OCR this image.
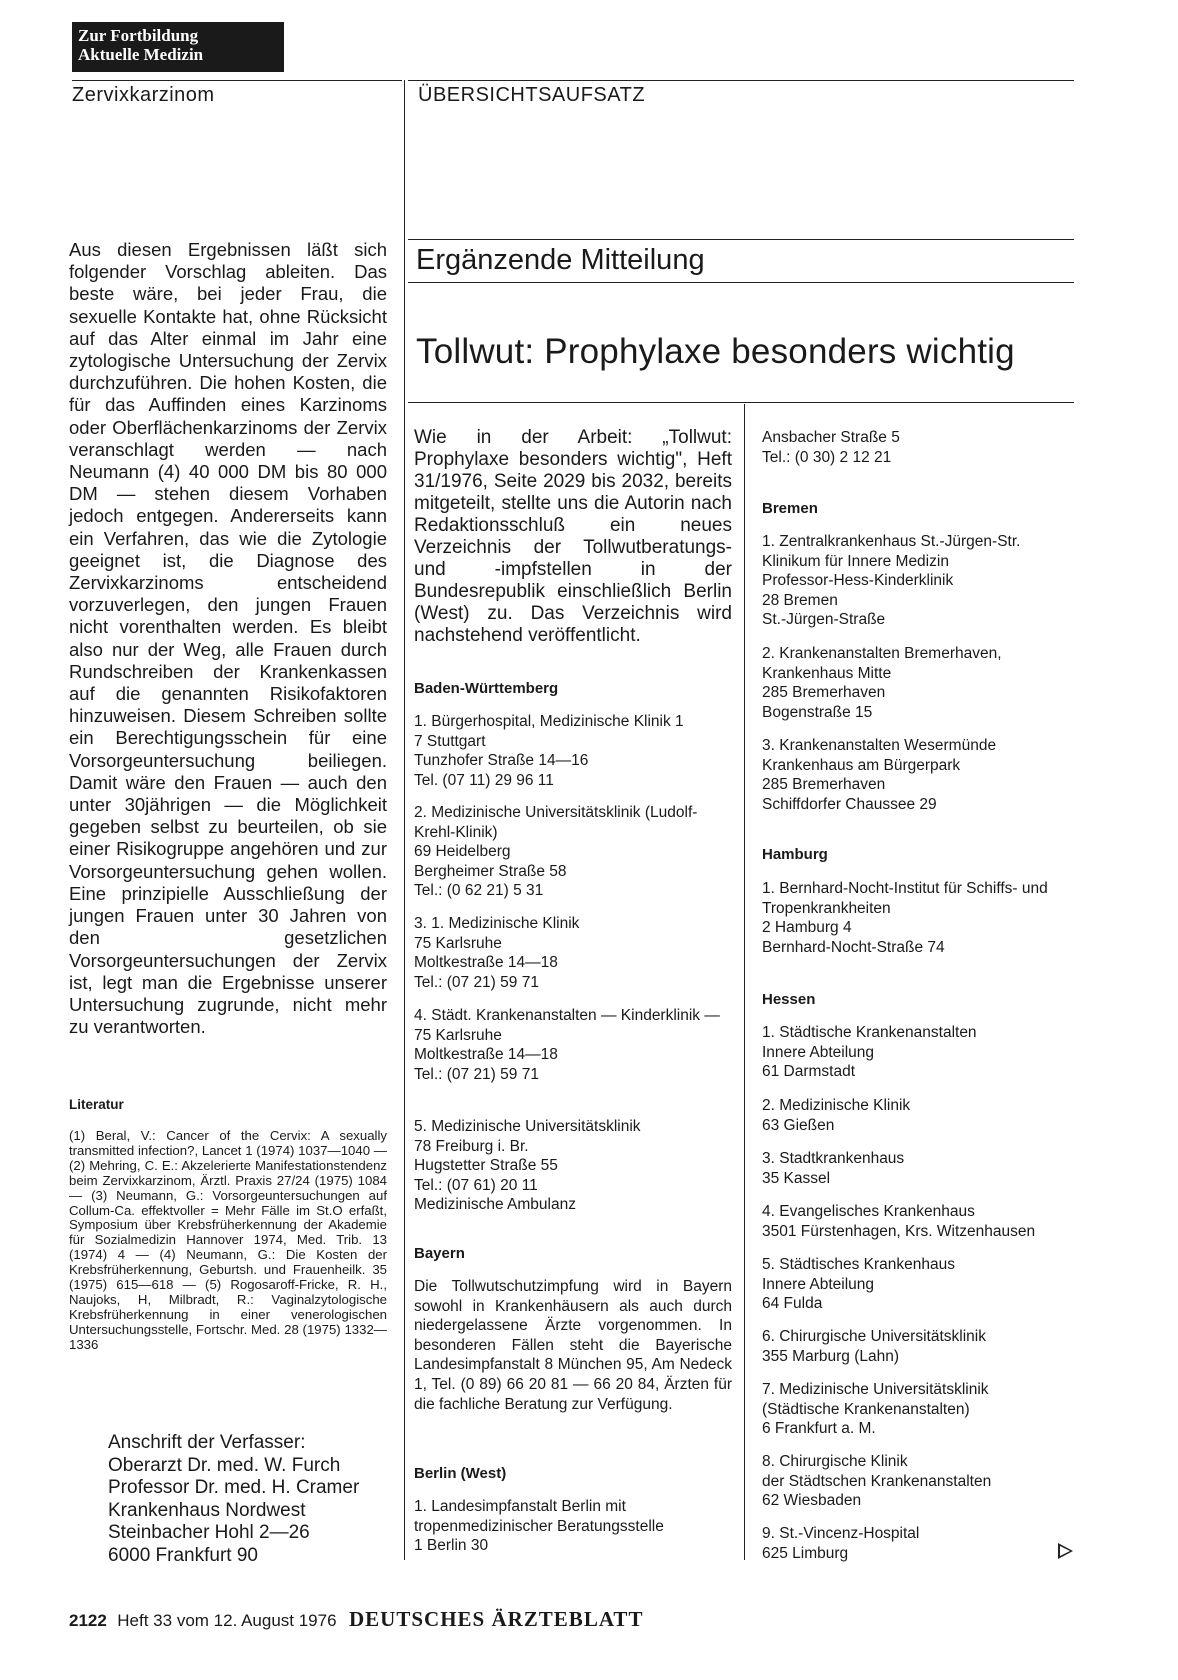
Zur Fortbildung
Aktuelle Medizin
Zervixkarzinom	ÜBERSICHTSAUFSATZ

Aus diesen Ergebnissen läßt sich folgender Vorschlag ableiten. Das beste wäre, bei jeder Frau, die sexuelle Kontakte hat, ohne Rücksicht auf das Alter einmal im Jahr eine zytologische Untersuchung der Zervix durchzuführen. Die hohen Kosten, die für das Auffinden eines Karzinoms oder Oberflächenkarzinoms der Zervix veranschlagt werden — nach Neumann (4) 40 000 DM bis 80 000 DM — stehen diesem Vorhaben jedoch entgegen. Andererseits kann ein Verfahren, das wie die Zytologie geeignet ist, die Diagnose des Zervixkarzinoms entscheidend vorzuverlegen, den jungen Frauen nicht vorenthalten werden. Es bleibt also nur der Weg, alle Frauen durch Rundschreiben der Krankenkassen auf die genannten Risikofaktoren hinzuweisen. Diesem Schreiben sollte ein Berechtigungsschein für eine Vorsorgeuntersuchung beiliegen. Damit wäre den Frauen — auch den unter 30jährigen — die Möglichkeit gegeben selbst zu beurteilen, ob sie einer Risikogruppe angehören und zur Vorsorgeuntersuchung gehen wollen. Eine prinzipielle Ausschließung der jungen Frauen unter 30 Jahren von den gesetzlichen Vorsorgeuntersuchungen der Zervix ist, legt man die Ergebnisse unserer Untersuchung zugrunde, nicht mehr zu verantworten.

Literatur
(1) Beral, V.: Cancer of the Cervix: A sexually transmitted infection?, Lancet 1 (1974) 1037—1040 — (2) Mehring, C. E.: Akzelerierte Manifestationstendenz beim Zervixkarzinom, Ärztl. Praxis 27/24 (1975) 1084 — (3) Neumann, G.: Vorsorgeuntersuchungen auf Collum-Ca. effektvoller = Mehr Fälle im St.O erfaßt, Symposium über Krebsfrüherkennung der Akademie für Sozialmedizin Hannover 1974, Med. Trib. 13 (1974) 4 — (4) Neumann, G.: Die Kosten der Krebsfrüherkennung, Geburtsh. und Frauenheilk. 35 (1975) 615—618 — (5) Rogosaroff-Fricke, R. H., Naujoks, H, Milbradt, R.: Vaginalzytologische Krebsfrüherkennung in einer venerologischen Untersuchungsstelle, Fortschr. Med. 28 (1975) 1332—1336
Anschrift der Verfasser:
Oberarzt Dr. med. W. Furch
Professor Dr. med. H. Cramer
Krankenhaus Nordwest
Steinbacher Hohl 2—26
6000 Frankfurt 90
Ergänzende Mitteilung
Tollwut: Prophylaxe besonders wichtig
Wie in der Arbeit: „Tollwut: Prophylaxe besonders wichtig", Heft 31/1976, Seite 2029 bis 2032, bereits mitgeteilt, stellte uns die Autorin nach Redaktionsschluß ein neues Verzeichnis der Tollwutberatungs- und -impfstellen in der Bundesrepublik einschließlich Berlin (West) zu. Das Verzeichnis wird nachstehend veröffentlicht.
Baden-Württemberg
1. Bürgerhospital, Medizinische Klinik 1
7 Stuttgart
Tunzhofer Straße 14—16
Tel. (07 11) 29 96 11
2. Medizinische Universitätsklinik (Ludolf-Krehl-Klinik)
69 Heidelberg
Bergheimer Straße 58
Tel.: (0 62 21) 5 31
3. 1. Medizinische Klinik
75 Karlsruhe
Moltkestraße 14—18
Tel.: (07 21) 59 71
4. Städt. Krankenanstalten — Kinderklinik —
75 Karlsruhe
Moltkestraße 14—18
Tel.: (07 21) 59 71
5. Medizinische Universitätsklinik
78 Freiburg i. Br.
Hugstetter Straße 55
Tel.: (07 61) 20 11
Medizinische Ambulanz
Bayern
Die Tollwutschutzimpfung wird in Bayern sowohl in Krankenhäusern als auch durch niedergelassene Ärzte vorgenommen. In besonderen Fällen steht die Bayerische Landesimpfanstalt 8 München 95, Am Nedeck 1, Tel. (0 89) 66 20 81 — 66 20 84, Ärzten für die fachliche Beratung zur Verfügung.
Berlin (West)
1. Landesimpfanstalt Berlin mit tropenmedizinischer Beratungsstelle
1 Berlin 30
Ansbacher Straße 5
Tel.: (0 30) 2 12 21
Bremen
1. Zentralkrankenhaus St.-Jürgen-Str.
Klinikum für Innere Medizin
Professor-Hess-Kinderklinik
28 Bremen
St.-Jürgen-Straße
2. Krankenanstalten Bremerhaven,
Krankenhaus Mitte
285 Bremerhaven
Bogenstraße 15
3. Krankenanstalten Wesermünde
Krankenhaus am Bürgerpark
285 Bremerhaven
Schiffdorfer Chaussee 29
Hamburg
1. Bernhard-Nocht-Institut für Schiffs- und Tropenkrankheiten
2 Hamburg 4
Bernhard-Nocht-Straße 74
Hessen
1. Städtische Krankenanstalten
Innere Abteilung
61 Darmstadt
2. Medizinische Klinik
63 Gießen
3. Stadtkrankenhaus
35 Kassel
4. Evangelisches Krankenhaus
3501 Fürstenhagen, Krs. Witzenhausen
5. Städtisches Krankenhaus
Innere Abteilung
64 Fulda
6. Chirurgische Universitätsklinik
355 Marburg (Lahn)
7. Medizinische Universitätsklinik
(Städtische Krankenanstalten)
6 Frankfurt a. M.
8. Chirurgische Klinik
der Städtschen Krankenanstalten
62 Wiesbaden
9. St.-Vincenz-Hospital
625 Limburg
2122 Heft 33 vom 12. August 1976 DEUTSCHES ÄRZTEBLATT
